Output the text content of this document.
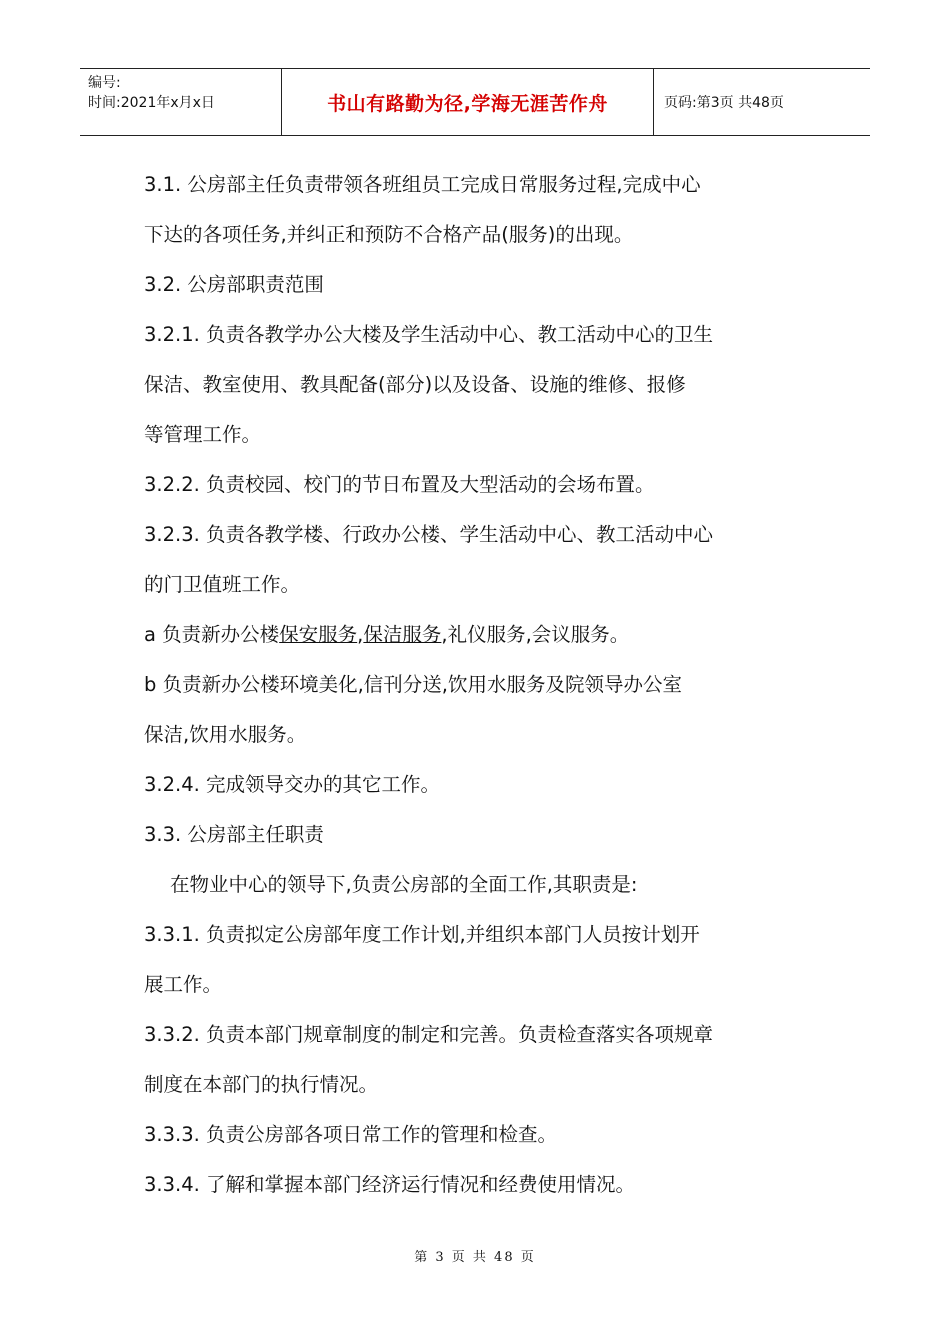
编号:
时间:2021年x月x日	书山有路勤为径,学海无涯苦作舟	页码:第3页 共48页
3.1. 公房部主任负责带领各班组员工完成日常服务过程,完成中心
下达的各项任务,并纠正和预防不合格产品(服务)的出现。
3.2. 公房部职责范围
3.2.1. 负责各教学办公大楼及学生活动中心、教工活动中心的卫生
保洁、教室使用、教具配备(部分)以及设备、设施的维修、报修
等管理工作。
3.2.2. 负责校园、校门的节日布置及大型活动的会场布置。
3.2.3. 负责各教学楼、行政办公楼、学生活动中心、教工活动中心
的门卫值班工作。
a 负责新办公楼保安服务,保洁服务,礼仪服务,会议服务。
b 负责新办公楼环境美化,信刊分送,饮用水服务及院领导办公室
保洁,饮用水服务。
3.2.4. 完成领导交办的其它工作。
3.3. 公房部主任职责
在物业中心的领导下,负责公房部的全面工作,其职责是:
3.3.1. 负责拟定公房部年度工作计划,并组织本部门人员按计划开
展工作。
3.3.2. 负责本部门规章制度的制定和完善。负责检查落实各项规章
制度在本部门的执行情况。
3.3.3. 负责公房部各项日常工作的管理和检查。
3.3.4. 了解和掌握本部门经济运行情况和经费使用情况。
第 3 页 共 48 页
